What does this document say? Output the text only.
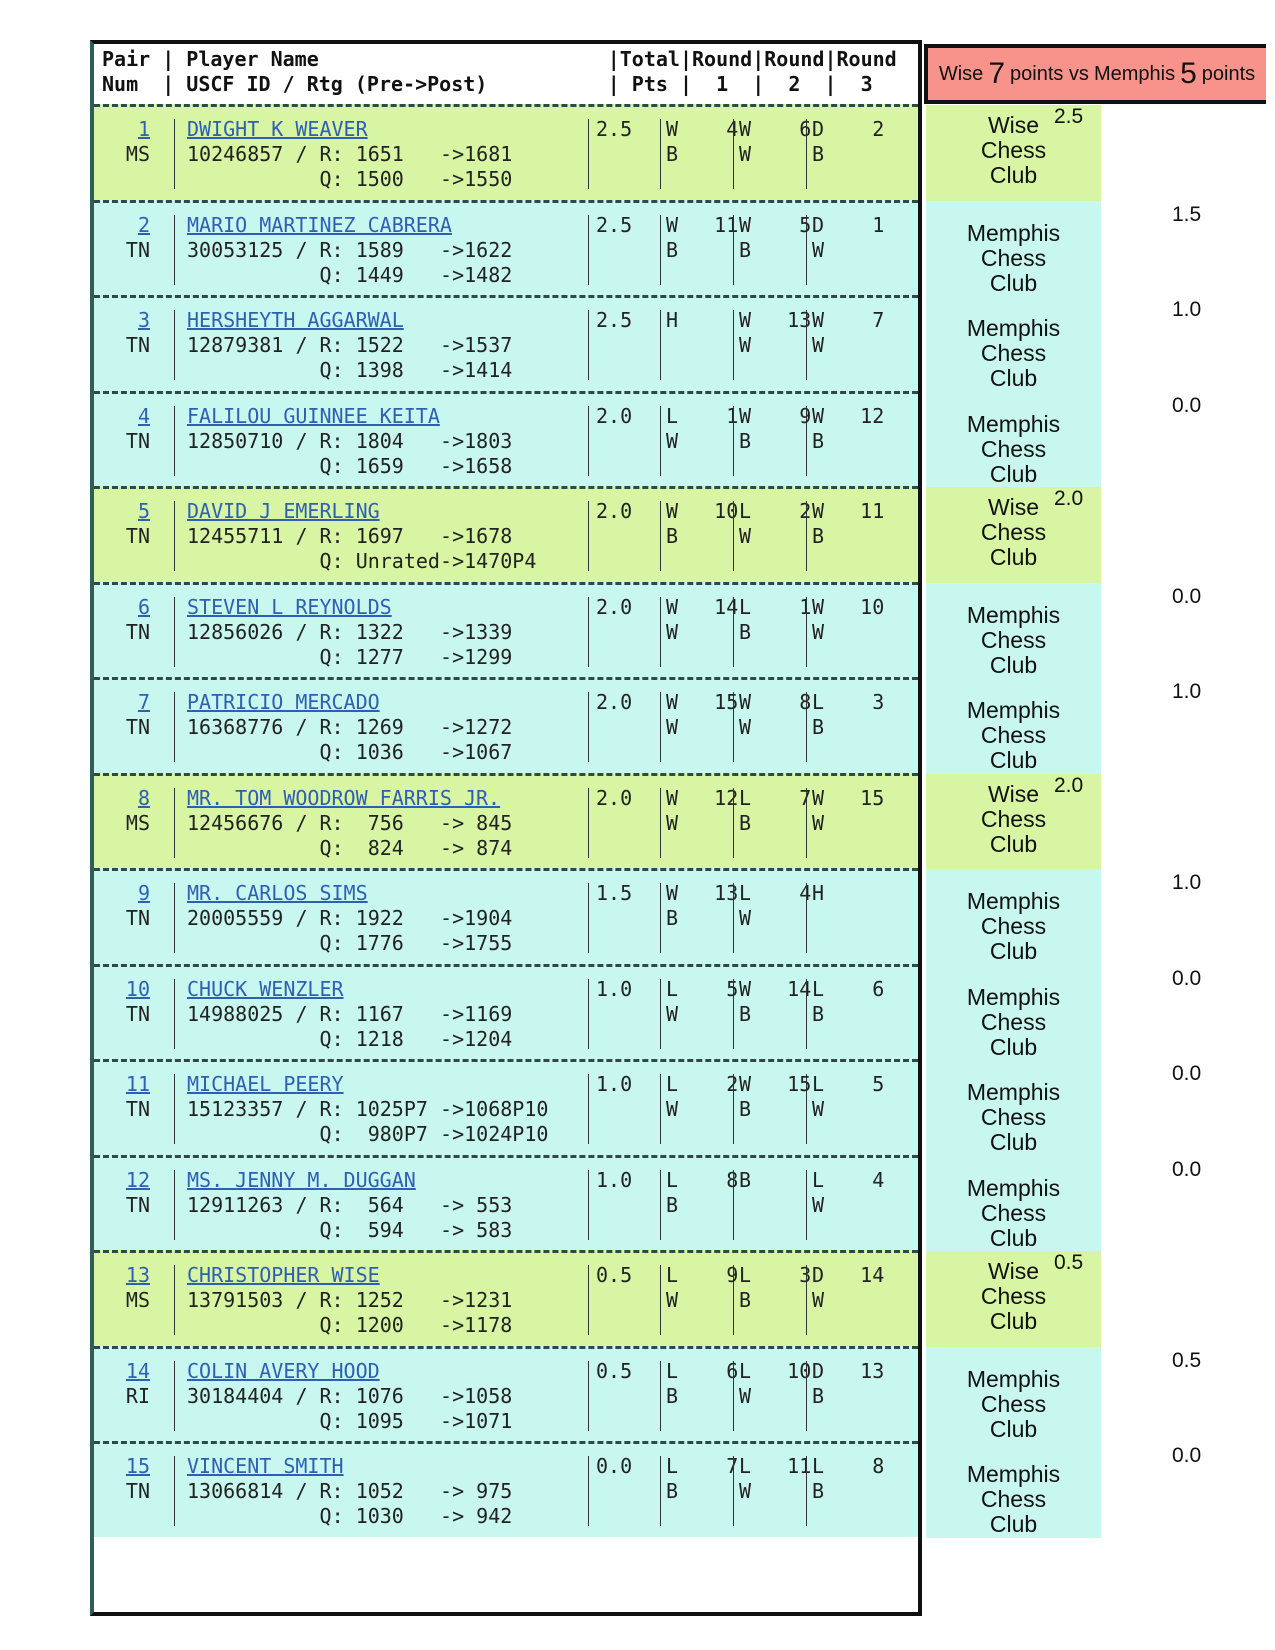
Pair | Player Name                        |Total|Round|Round|Round
Num  | USCF ID / Rtg (Pre->Post)          | Pts |  1  |  2  |  3
1
MS
DWIGHT K WEAVER
10246857 / R: 1651 ->1681
Q: 1500 ->1550
2.5 W    4
B
W    6
W
D    2
B
2
TN
MARIO MARTINEZ CABRERA
30053125 / R: 1589 ->1622
Q: 1449 ->1482
2.5 W   11
B
W    5
B
D    1
W
3
TN
HERSHEYTH AGGARWAL
12879381 / R: 1522 ->1537
Q: 1398 ->1414
2.5 H	W   13
W
W    7
W
4
TN
FALILOU GUINNEE KEITA
12850710 / R: 1804 ->1803
Q: 1659 ->1658
2.0 L    1
W
W    9
B
W   12
B
5
TN
DAVID J EMERLING
12455711 / R: 1697 ->1678
Q: Unrated ->1470P4
2.0 W   10
B
L    2
W
W   11
B
6
TN
STEVEN L REYNOLDS
12856026 / R: 1322 ->1339
Q: 1277 ->1299
2.0 W   14
W
L    1
B
W   10
W
7
TN
PATRICIO MERCADO
16368776 / R: 1269 ->1272
Q: 1036 ->1067
2.0 W   15
W
W    8
W
L    3
B
8
MS
MR. TOM WOODROW FARRIS JR.
12456676 / R: 756 -> 845
Q: 824 -> 874
2.0 W   12
W
L    7
B
W   15
W
9
TN
MR. CARLOS SIMS
20005559 / R: 1922 ->1904
Q: 1776 ->1755
1.5 W   13
B
L    4
W
H
10
TN
CHUCK WENZLER
14988025 / R: 1167 ->1169
Q: 1218 ->1204
1.0 L    5
W
W   14
B
L    6
B
11
TN
MICHAEL PEERY
15123357 / R: 1025P7 ->1068P10
Q: 980P7 ->1024P10
1.0 L    2
W
W   15
B
L    5
W
12
TN
MS. JENNY M. DUGGAN
12911263 / R: 564 -> 553
Q: 594 -> 583
1.0 L    8
B
B	L    4
W
13
MS
CHRISTOPHER WISE
13791503 / R: 1252 ->1231
Q: 1200 ->1178
0.5 L    9
W
L    3
B
D   14
W
14
RI
COLIN AVERY HOOD
30184404 / R: 1076 ->1058
Q: 1095 ->1071
0.5 L    6
B
L   10
W
D   13
B
15
TN
VINCENT SMITH
13066814 / R: 1052 -> 975
Q: 1030 -> 942
0.0 L    7
B
L   11
W
L    8
B
Wise 7 points vs Memphis 5 points
Wise Chess Club
Memphis Chess Club
Memphis Chess Club
Memphis Chess Club
Wise Chess Club
Memphis Chess Club
Memphis Chess Club
Wise Chess Club
Memphis Chess Club
Memphis Chess Club
Memphis Chess Club
Memphis Chess Club
Wise Chess Club
Memphis Chess Club
Memphis Chess Club
2.5
1.5
1.0
0.0
2.0
0.0
1.0
2.0
1.0
0.0
0.0
0.0
0.5
0.5
0.0
